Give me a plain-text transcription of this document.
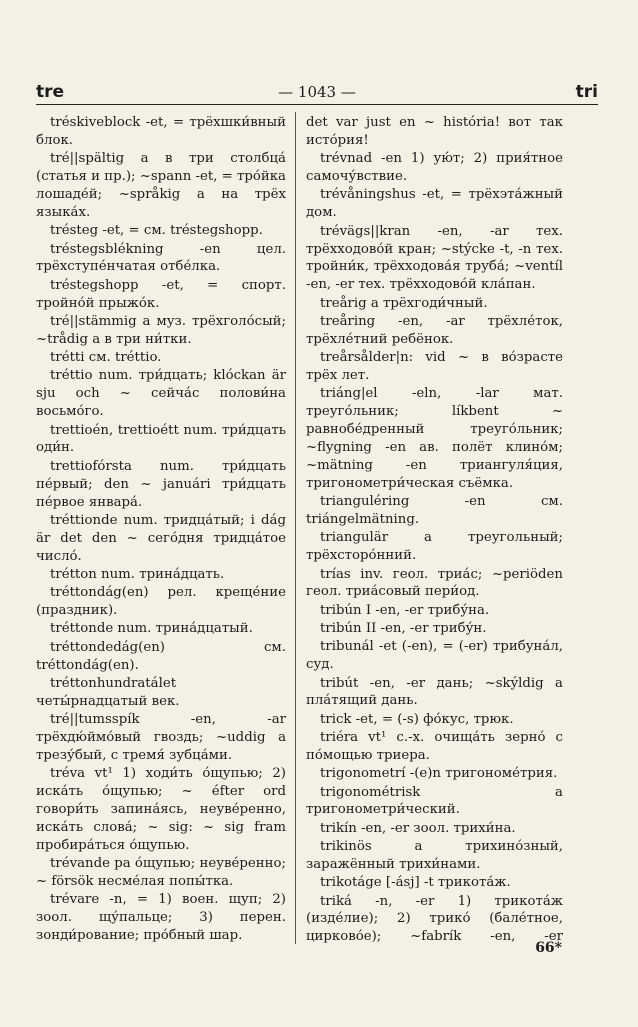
tre	— 1043 —	tri

tréskiveblock -et, = трёхшки́вный блок.

tré||spältig a в три столбца́ (статья и пр.); ~spann -et, = тро́йка лошаде́й; ~språkig a на трёх языка́х.

trésteg -et, = см. tréstegshopp.

tréstegsblékning -en цел. трёхступе́нчатая отбе́лка.

tréstegshopp -et, = спорт. тройно́й прыжо́к.

tré||stämmig a муз. трёхголо́сый; ~trådig a в три ни́тки.

trétti см. tréttio.

tréttio num. три́дцать; klóckan är sju och ~ сейча́с полови́на восьмо́го.

trettioén, trettioétt num. три́дцать оди́н.

trettiofórsta num. три́дцать пе́рвый; den ~ januári три́дцать пе́рвое январа́.

tréttionde num. тридца́тый; i dág är det den ~ сего́дня тридца́тое число́.

trétton num. трина́дцать.

tréttondág(en) рел. креще́ние (праздник).

tréttonde num. трина́дцатый.

tréttondedág(en) см. tréttondág(en).

tréttonhundratálet четы́рнадцатый век.

tré||tumsspík -en, -ar трёхдю́ймо́вый гвоздь; ~uddig a трезу́бый, с тремя́ зубца́ми.

tréva vt¹ 1) ходи́ть о́щупью; 2) иска́ть о́щупью; ~ éfter ord говори́ть запина́ясь, неуве́ренно, иска́ть слова́; ~ sig: ~ sig fram пробира́ться о́щупью.

trévande pa о́щупью; неуве́ренно; ~ försök несме́лая попы́тка.

trévare -n, = 1) воен. щуп; 2) зоол. щу́пальце; 3) перен. зонди́рование; про́бный шар.

det var just en ~ história! вот так исто́рия!

trévnad -en 1) ую́т; 2) прия́тное самочу́вствие.

trévåningshus -et, = трёхэта́жный дом.

trévägs||kran -en, -ar тех. трёхходово́й кран; ~stýcke -t, -n тех. тройни́к, трёхходова́я труба́; ~ventíl -en, -er тех. трёхходово́й кла́пан.

treårig a трёхгоди́чный.

treåring -en, -ar трёхле́ток, трёхле́тний ребёнок.

treårsålder|n: vid ~ в во́зрасте трёх лет.

triáng|el -eln, -lar мат. треуго́льник; líkbent ~ равнобе́дренный треуго́льник; ~flygning -en ав. полёт клино́м; ~mätning -en триангуля́ция, тригонометри́ческая съёмка.

trianguléring -en см. triángelmätning.

triangulär a треугольный; трёхсторо́нний.

trías inv. геол. триа́с; ~periöden геол. триа́совый пери́од.

tribún I -en, -er трибу́на.

tribún II -en, -er трибу́н.

tribunál -et (-en), = (-er) трибуна́л, суд.

tribút -en, -er дань; ~skýldig a пла́тящий дань.

trick -et, = (-s) фо́кус, трюк.

triéra vt¹ с.-х. очища́ть зерно́ с по́мощью триера.

trigonometrí -(e)n тригономе́трия.

trigonométrisk a тригонометри́ческий.

trikín -en, -er зоол. трихи́на.

trikinös a трихино́зный, заражённый трихи́нами.

trikotáge [-ásj] -t трикота́ж.

triká -n, -er 1) трикота́ж (изде́лие); 2) трико́ (бале́тное, цирково́е); ~fabrík -en, -er

66*
